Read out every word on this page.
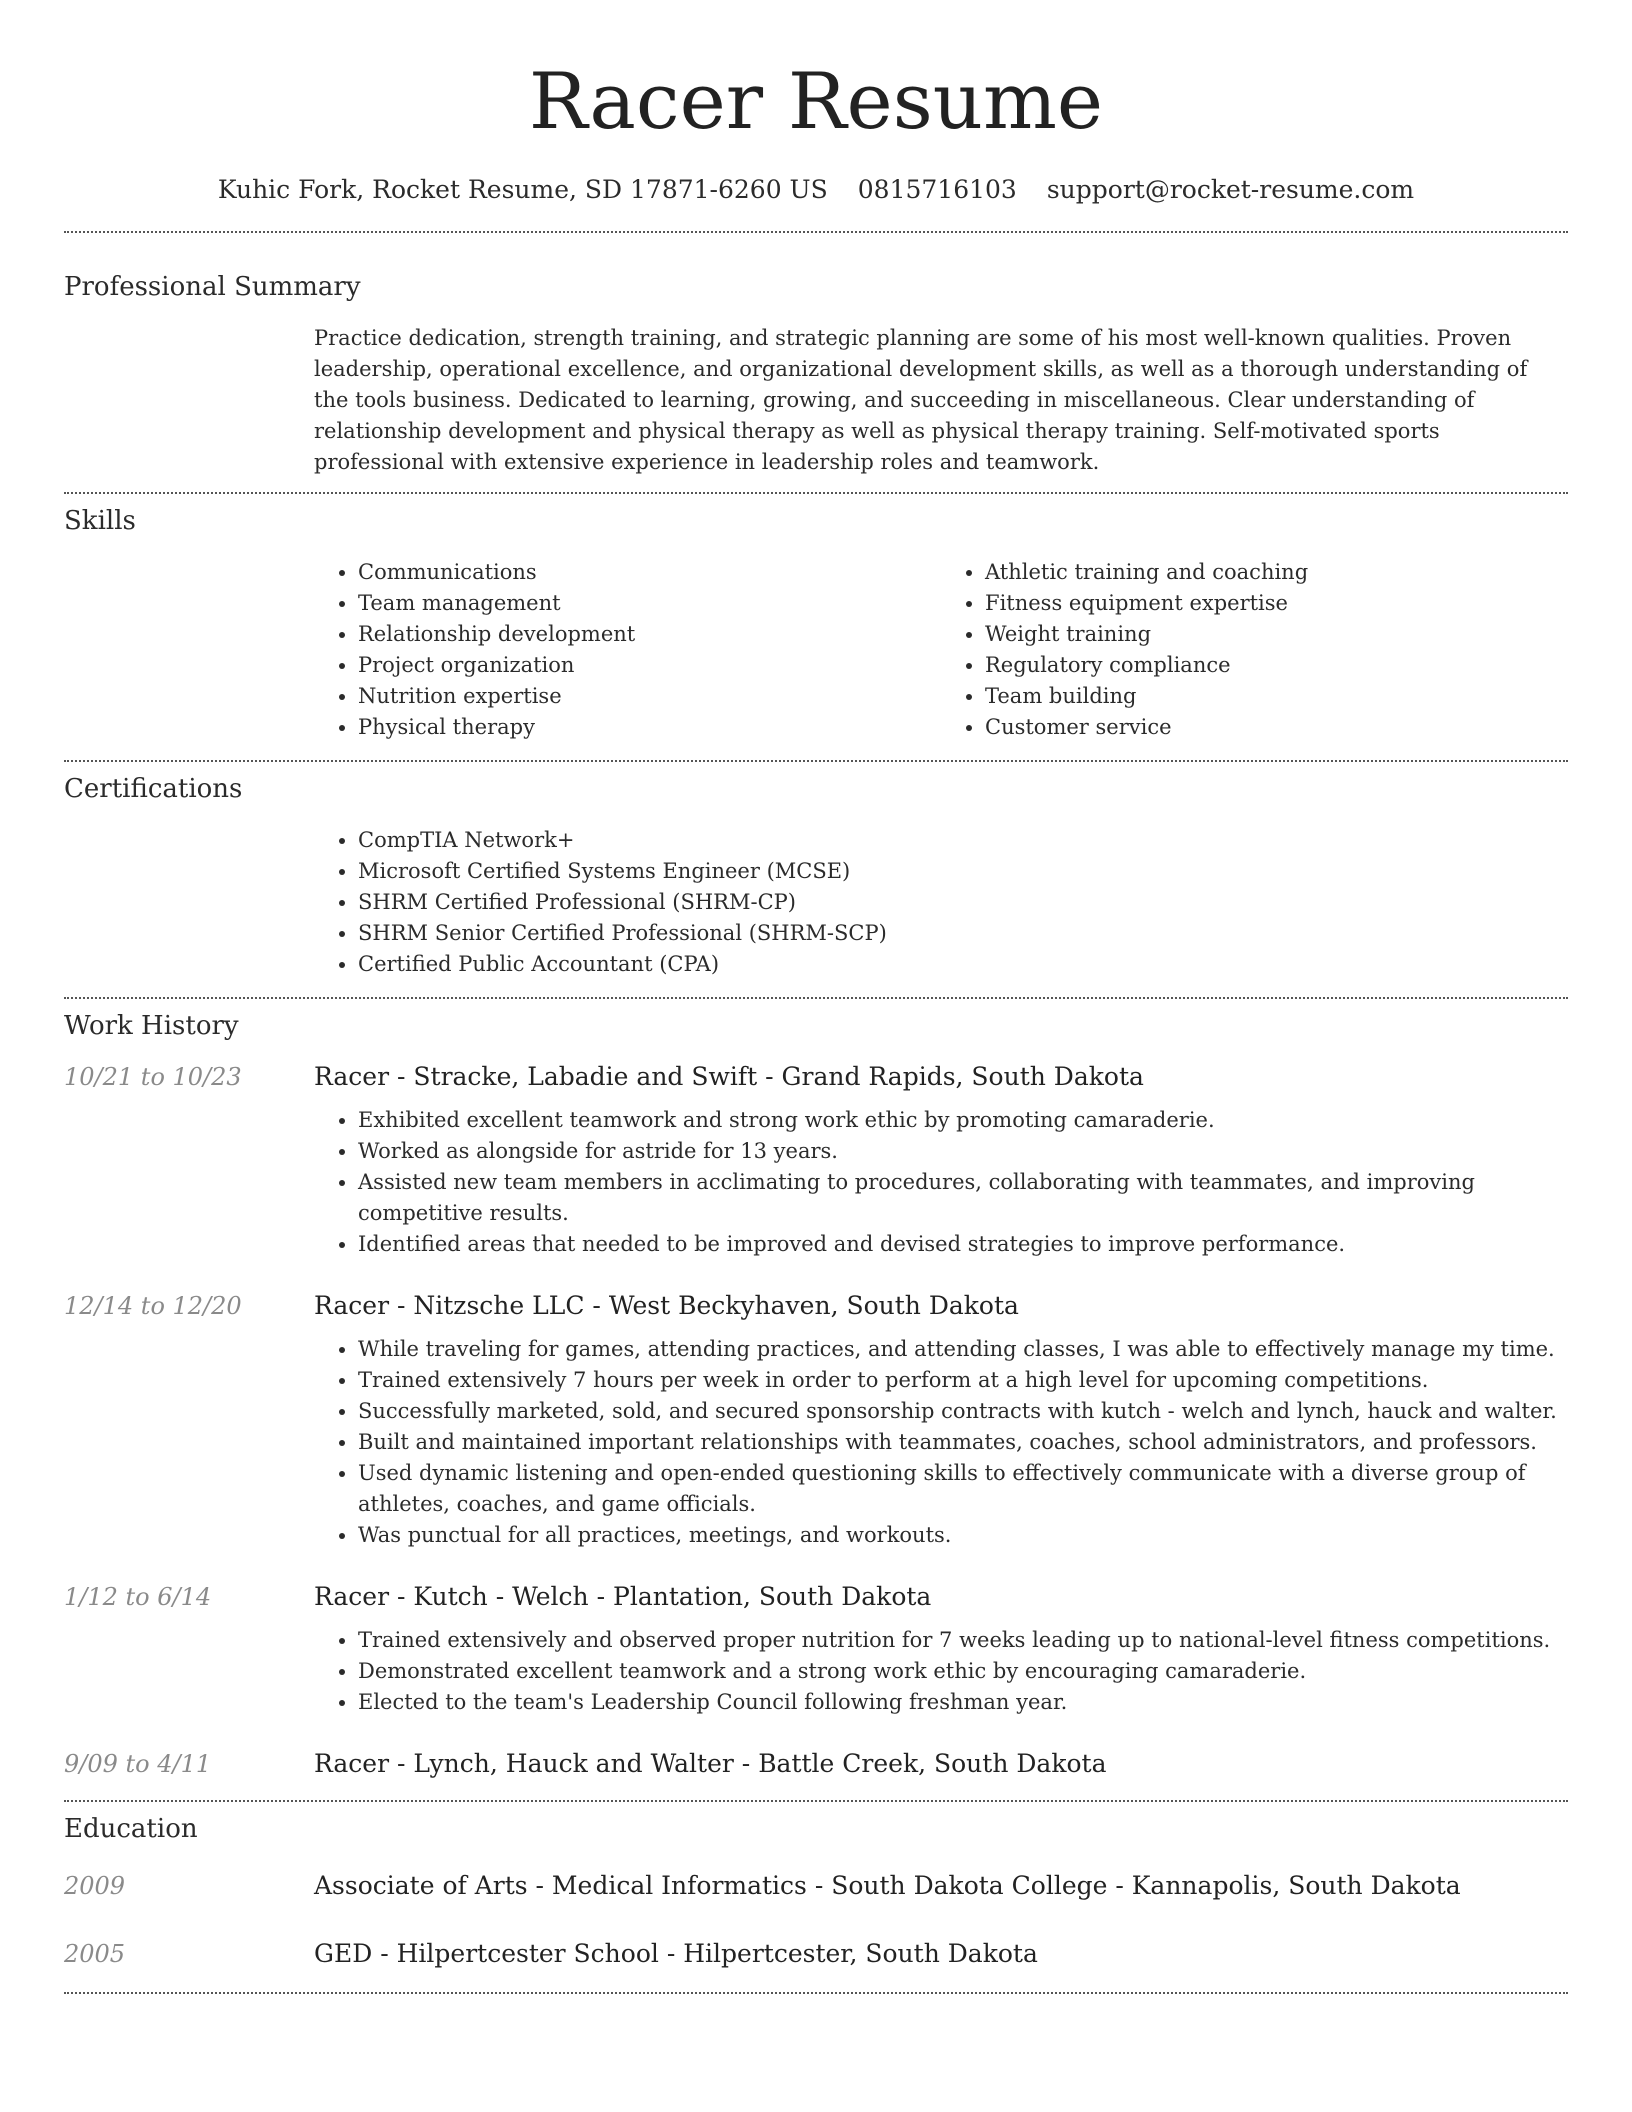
Racer Resume
Kuhic Fork, Rocket Resume, SD 17871-6260 US 0815716103 support@rocket-resume.com
Professional Summary
Practice dedication, strength training, and strategic planning are some of his most well-known qualities. Proven leadership, operational excellence, and organizational development skills, as well as a thorough understanding of the tools business. Dedicated to learning, growing, and succeeding in miscellaneous. Clear understanding of relationship development and physical therapy as well as physical therapy training. Self-motivated sports professional with extensive experience in leadership roles and teamwork.
Skills
• Communications
• Team management
• Relationship development
• Project organization
• Nutrition expertise
• Physical therapy
• Athletic training and coaching
• Fitness equipment expertise
• Weight training
• Regulatory compliance
• Team building
• Customer service
Certifications
• CompTIA Network+
• Microsoft Certified Systems Engineer (MCSE)
• SHRM Certified Professional (SHRM-CP)
• SHRM Senior Certified Professional (SHRM-SCP)
• Certified Public Accountant (CPA)
Work History
10/21 to 10/23	Racer - Stracke, Labadie and Swift - Grand Rapids, South Dakota
• Exhibited excellent teamwork and strong work ethic by promoting camaraderie.
• Worked as alongside for astride for 13 years.
• Assisted new team members in acclimating to procedures, collaborating with teammates, and improving competitive results.
• Identified areas that needed to be improved and devised strategies to improve performance.
12/14 to 12/20	Racer - Nitzsche LLC - West Beckyhaven, South Dakota
• While traveling for games, attending practices, and attending classes, I was able to effectively manage my time.
• Trained extensively 7 hours per week in order to perform at a high level for upcoming competitions.
• Successfully marketed, sold, and secured sponsorship contracts with kutch - welch and lynch, hauck and walter.
• Built and maintained important relationships with teammates, coaches, school administrators, and professors.
• Used dynamic listening and open-ended questioning skills to effectively communicate with a diverse group of athletes, coaches, and game officials.
• Was punctual for all practices, meetings, and workouts.
1/12 to 6/14	Racer - Kutch - Welch - Plantation, South Dakota
• Trained extensively and observed proper nutrition for 7 weeks leading up to national-level fitness competitions.
• Demonstrated excellent teamwork and a strong work ethic by encouraging camaraderie.
• Elected to the team's Leadership Council following freshman year.
9/09 to 4/11	Racer - Lynch, Hauck and Walter - Battle Creek, South Dakota
Education
2009	Associate of Arts - Medical Informatics - South Dakota College - Kannapolis, South Dakota
2005	GED - Hilpertcester School - Hilpertcester, South Dakota
